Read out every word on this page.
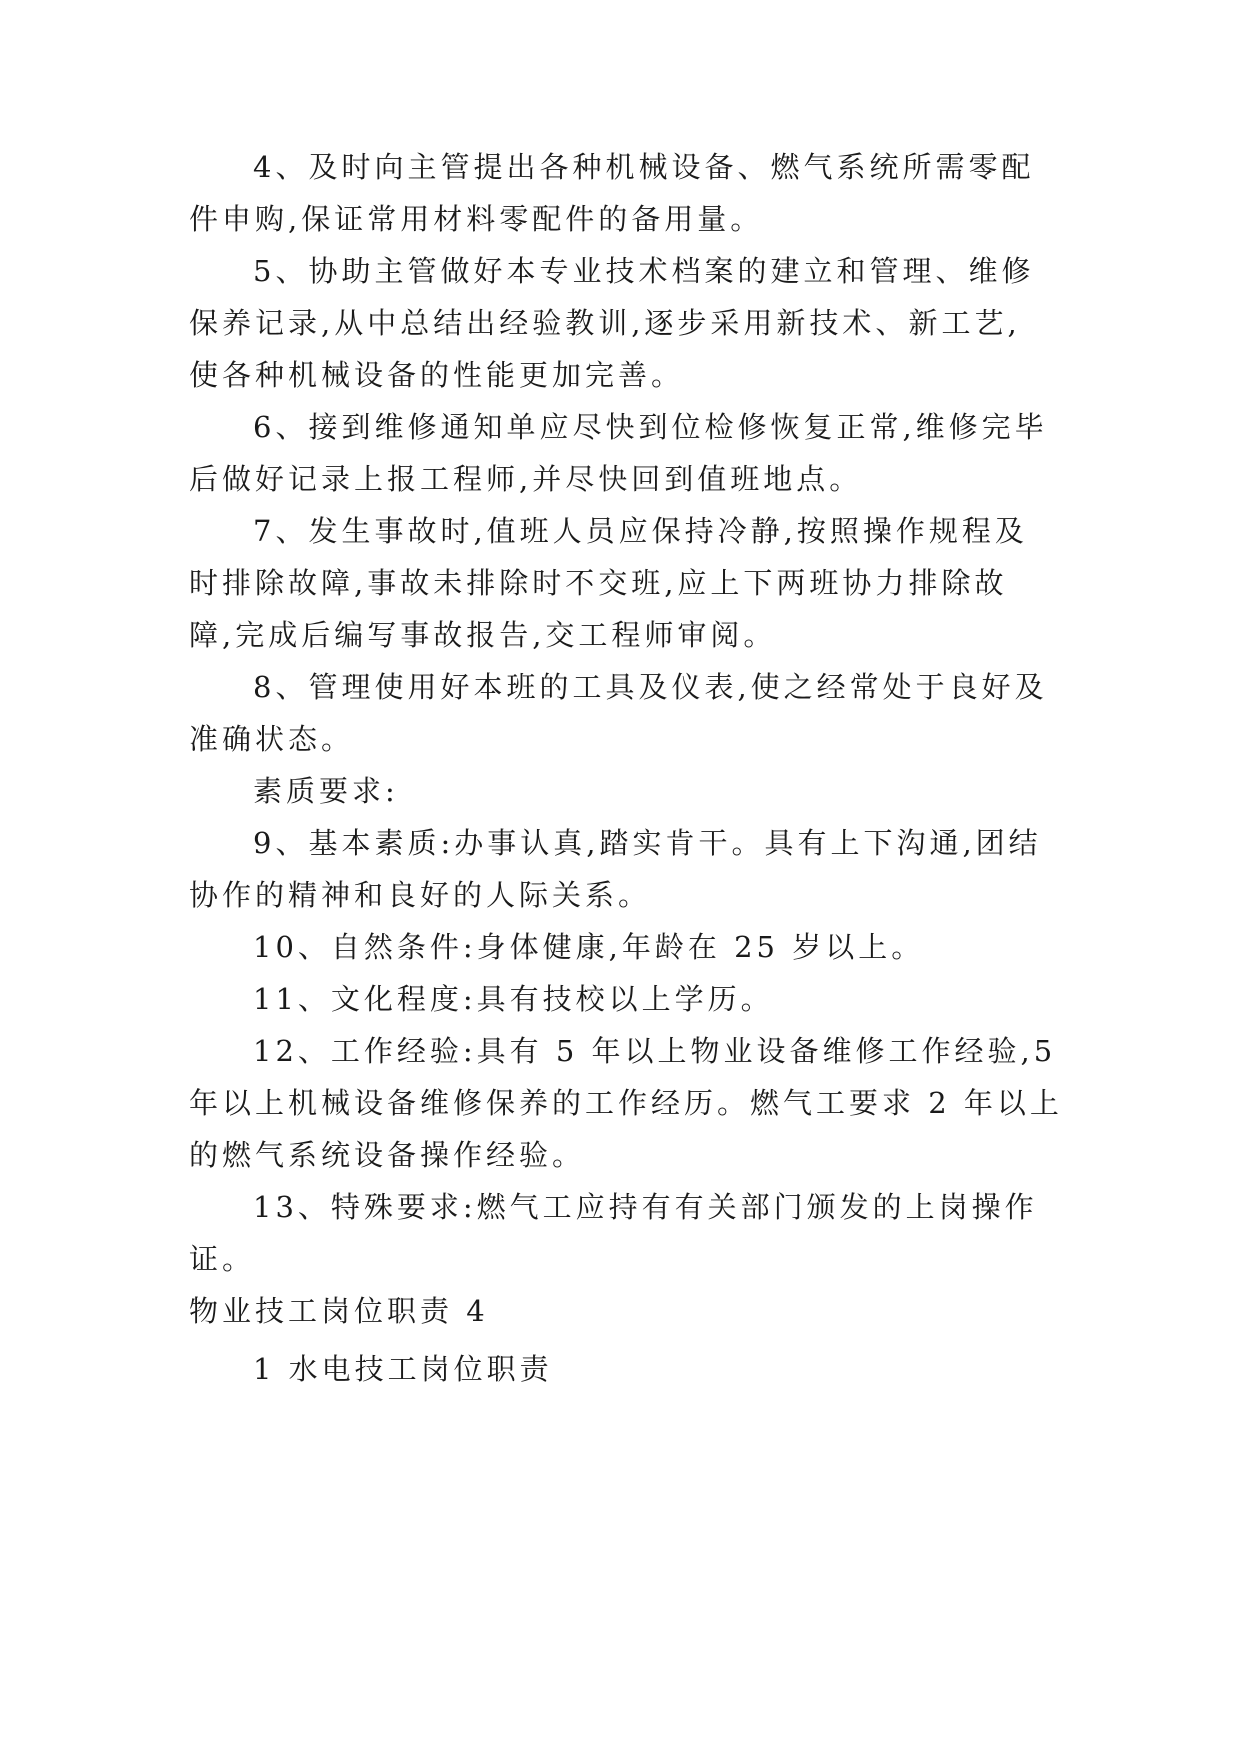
4、及时向主管提出各种机械设备、燃气系统所需零配
件申购,保证常用材料零配件的备用量。
5、协助主管做好本专业技术档案的建立和管理、维修
保养记录,从中总结出经验教训,逐步采用新技术、新工艺,
使各种机械设备的性能更加完善。
6、接到维修通知单应尽快到位检修恢复正常,维修完毕
后做好记录上报工程师,并尽快回到值班地点。
7、发生事故时,值班人员应保持冷静,按照操作规程及
时排除故障,事故未排除时不交班,应上下两班协力排除故
障,完成后编写事故报告,交工程师审阅。
8、管理使用好本班的工具及仪表,使之经常处于良好及
准确状态。
素质要求:
9、基本素质:办事认真,踏实肯干。具有上下沟通,团结
协作的精神和良好的人际关系。
10、自然条件:身体健康,年龄在 25 岁以上。
11、文化程度:具有技校以上学历。
12、工作经验:具有 5 年以上物业设备维修工作经验,5
年以上机械设备维修保养的工作经历。燃气工要求 2 年以上
的燃气系统设备操作经验。
13、特殊要求:燃气工应持有有关部门颁发的上岗操作
证。
物业技工岗位职责 4
1 水电技工岗位职责
